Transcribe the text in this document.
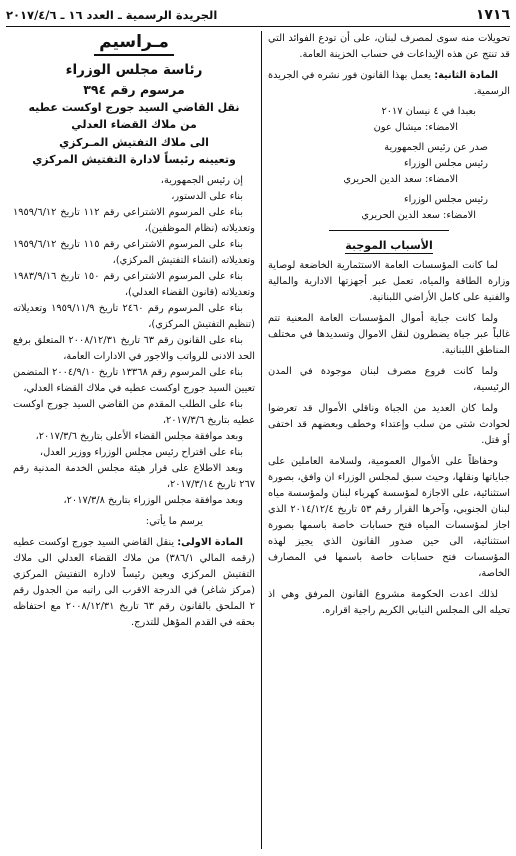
١٧١٦
الجريدة الرسمية ـ العدد ١٦ ـ ٢٠١٧/٤/٦

تحويلات منه سوى لمصرف لبنان، على أن تودع الفوائد التي قد تنتج عن هذه الإيداعات في حساب الخزينة العامة.

المادة الثانية: يعمل بهذا القانون فور نشره في الجريدة الرسمية.

بعبدا في ٤ نيسان ٢٠١٧

الامضاء: ميشال عون

صدر عن رئيس الجمهورية

رئيس مجلس الوزراء

الامضاء: سعد الدين الحريري

رئيس مجلس الوزراء

الامضاء: سعد الدين الحريري

الأسباب الموجبة

لما كانت المؤسسات العامة الاستثمارية الخاضعة لوصاية وزارة الطاقة والمياه، تعمل عبر أجهزتها الادارية والمالية والفنية على كامل الأراضي اللبنانية.

ولما كانت جباية أموال المؤسسات العامة المعنية تتم غالباً عبر جباة يضطرون لنقل الاموال وتسديدها في مختلف المناطق اللبنانية.

ولما كانت فروع مصرف لبنان موجودة في المدن الرئيسية،

ولما كان العديد من الجباة وناقلي الأموال قد تعرضوا لحوادث شتى من سلب وإعتداء وخطف وبعضهم قد اختفى أو قتل.

وحفاظاً على الأموال العمومية، ولسلامة العاملين على جباياتها ونقلها، وحيث سبق لمجلس الوزراء ان وافق، بصورة استثنائية، على الاجازة لمؤسسة كهرباء لبنان ولمؤسسة مياه لبنان الجنوبي، وآخرها القرار رقم ٥٣ تاريخ ٢٠١٤/١٢/٤ الذي اجاز لمؤسسات المياه فتح حسابات خاصة باسمها بصورة استثنائية، الى حين صدور القانون الذي يجيز لهذه المؤسسات فتح حسابات خاصة باسمها في المصارف الخاصة،

لذلك اعدت الحكومة مشروع القانون المرفق وهي اذ تحيله الى المجلس النيابي الكريم راجية اقراره.

مـراسيم
رئاسة مجلس الوزراء
مرسوم رقم ٣٩٤
نقل القاضي السيد جورج اوكست عطيه
من ملاك القضاء العدلي
الى ملاك التفتيش المـركزي
وتعيينه رئيساً لادارة التفتيش المركزي

إن رئيس الجمهورية،

بناء على الدستور،

بناء على المرسوم الاشتراعي رقم ١١٢ تاريخ ١٩٥٩/٦/١٢ وتعديلاته (نظام الموظفين)،

بناء على المرسوم الاشتراعي رقم ١١٥ تاريخ ١٩٥٩/٦/١٢ وتعديلاته (انشاء التفتيش المركزي)،

بناء على المرسوم الاشتراعي رقم ١٥٠ تاريخ ١٩٨٣/٩/١٦ وتعديلاته (قانون القضاء العدلي)،

بناء على المرسوم رقم ٢٤٦٠ تاريخ ١٩٥٩/١١/٩ وتعديلاته (تنظيم التفتيش المركزي)،

بناء على القانون رقم ٦٣ تاريخ ٢٠٠٨/١٢/٣١ المتعلق برفع الحد الادنى للرواتب والاجور في الادارات العامة،

بناء على المرسوم رقم ١٣٣٦٨ تاريخ ٢٠٠٤/٩/١٠ المتضمن تعيين السيد جورج اوكست عطيه في ملاك القضاء العدلي،

بناء على الطلب المقدم من القاضي السيد جورج اوكست عطيه بتاريخ ٢٠١٧/٣/٦،

وبعد موافقة مجلس القضاء الأعلى بتاريخ ٢٠١٧/٣/٦،

بناء على اقتراح رئيس مجلس الوزراء ووزير العدل،

وبعد الاطلاع على قرار هيئة مجلس الخدمة المدنية رقم ٢٦٧ تاريخ ٢٠١٧/٣/١٤،

وبعد موافقة مجلس الوزراء بتاريخ ٢٠١٧/٣/٨،

يرسم ما يأتي:

المادة الاولى: ينقل القاضي السيد جورج اوكست عطيه (رقمه المالي ٣٨٦/١) من ملاك القضاء العدلي الى ملاك التفتيش المركزي ويعين رئيساً لادارة التفتيش المركزي (مركز شاغر) في الدرجة الاقرب الى راتبه من الجدول رقم ٢ الملحق بالقانون رقم ٦٣ تاريخ ٢٠٠٨/١٢/٣١ مع احتفاظه بحقه في القدم المؤهل للتدرج.
